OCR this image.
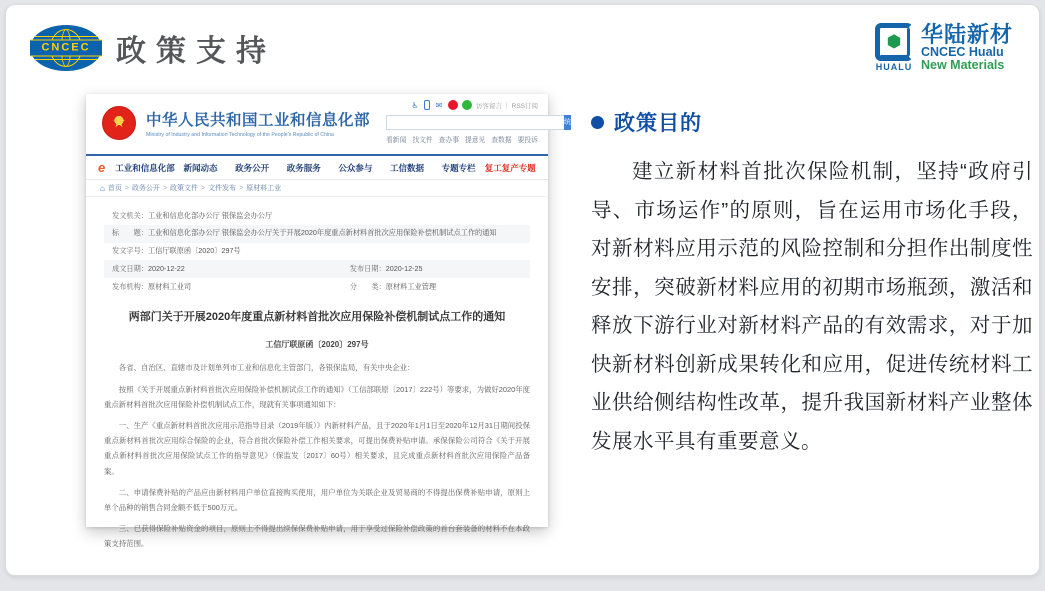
CNCEC 政策支持	⬢
HUALU
华陆新材
CNCEC Hualu
New Materials
★	中华人民共和国工业和信息化部
Ministry of Industry and Information Technology of the People's Republic of China
♿ ✉	访客留言 | RSS订阅
统一搜索
看新闻 找文件 查办事 提意见 查数据 要投诉
e 工业和信息化部	新闻动态	政务公开	政务服务	公众参与	工信数据	专题专栏	复工复产专题
⌂ 首页 > 政务公开 > 政策文件 > 文件发布 > 原材料工业
发文机关： 工业和信息化部办公厅 银保监会办公厅
标　　题： 工业和信息化部办公厅 银保监会办公厅关于开展2020年度重点新材料首批次应用保险补偿机制试点工作的通知
发文字号： 工信厅联原函〔2020〕297号
成文日期： 2020-12-22	发布日期： 2020-12-25
发布机构： 原材料工业司	分　　类： 原材料工业管理
两部门关于开展2020年度重点新材料首批次应用保险补偿机制试点工作的通知
工信厅联原函〔2020〕297号

各省、自治区、直辖市及计划单列市工业和信息化主管部门，各银保监局，有关中央企业：

按照《关于开展重点新材料首批次应用保险补偿机制试点工作的通知》（工信部联原〔2017〕222号）等要求，为做好2020年度重点新材料首批次应用保险补偿机制试点工作，现就有关事项通知如下：

一、生产《重点新材料首批次应用示范指导目录（2019年版）》内新材料产品，且于2020年1月1日至2020年12月31日期间投保重点新材料首批次应用综合保险的企业，符合首批次保险补偿工作相关要求，可提出保费补贴申请。承保保险公司符合《关于开展重点新材料首批次应用保险试点工作的指导意见》（保监发〔2017〕60号）相关要求，且完成重点新材料首批次应用保险产品备案。

二、申请保费补贴的产品应由新材料用户单位直接购买使用，用户单位为关联企业及贸易商的不得提出保费补贴申请，原则上单个品种的销售合同金额不低于500万元。

三、已获得保险补贴资金的项目，原则上不得提出续保保费补贴申请，用于享受过保险补偿政策的首台套装备的材料不在本政策支持范围。

政策目的
建立新材料首批次保险机制，坚持“政府引导、市场运作”的原则，旨在运用市场化手段，对新材料应用示范的风险控制和分担作出制度性安排，突破新材料应用的初期市场瓶颈，激活和释放下游行业对新材料产品的有效需求，对于加快新材料创新成果转化和应用，促进传统材料工业供给侧结构性改革，提升我国新材料产业整体发展水平具有重要意义。
